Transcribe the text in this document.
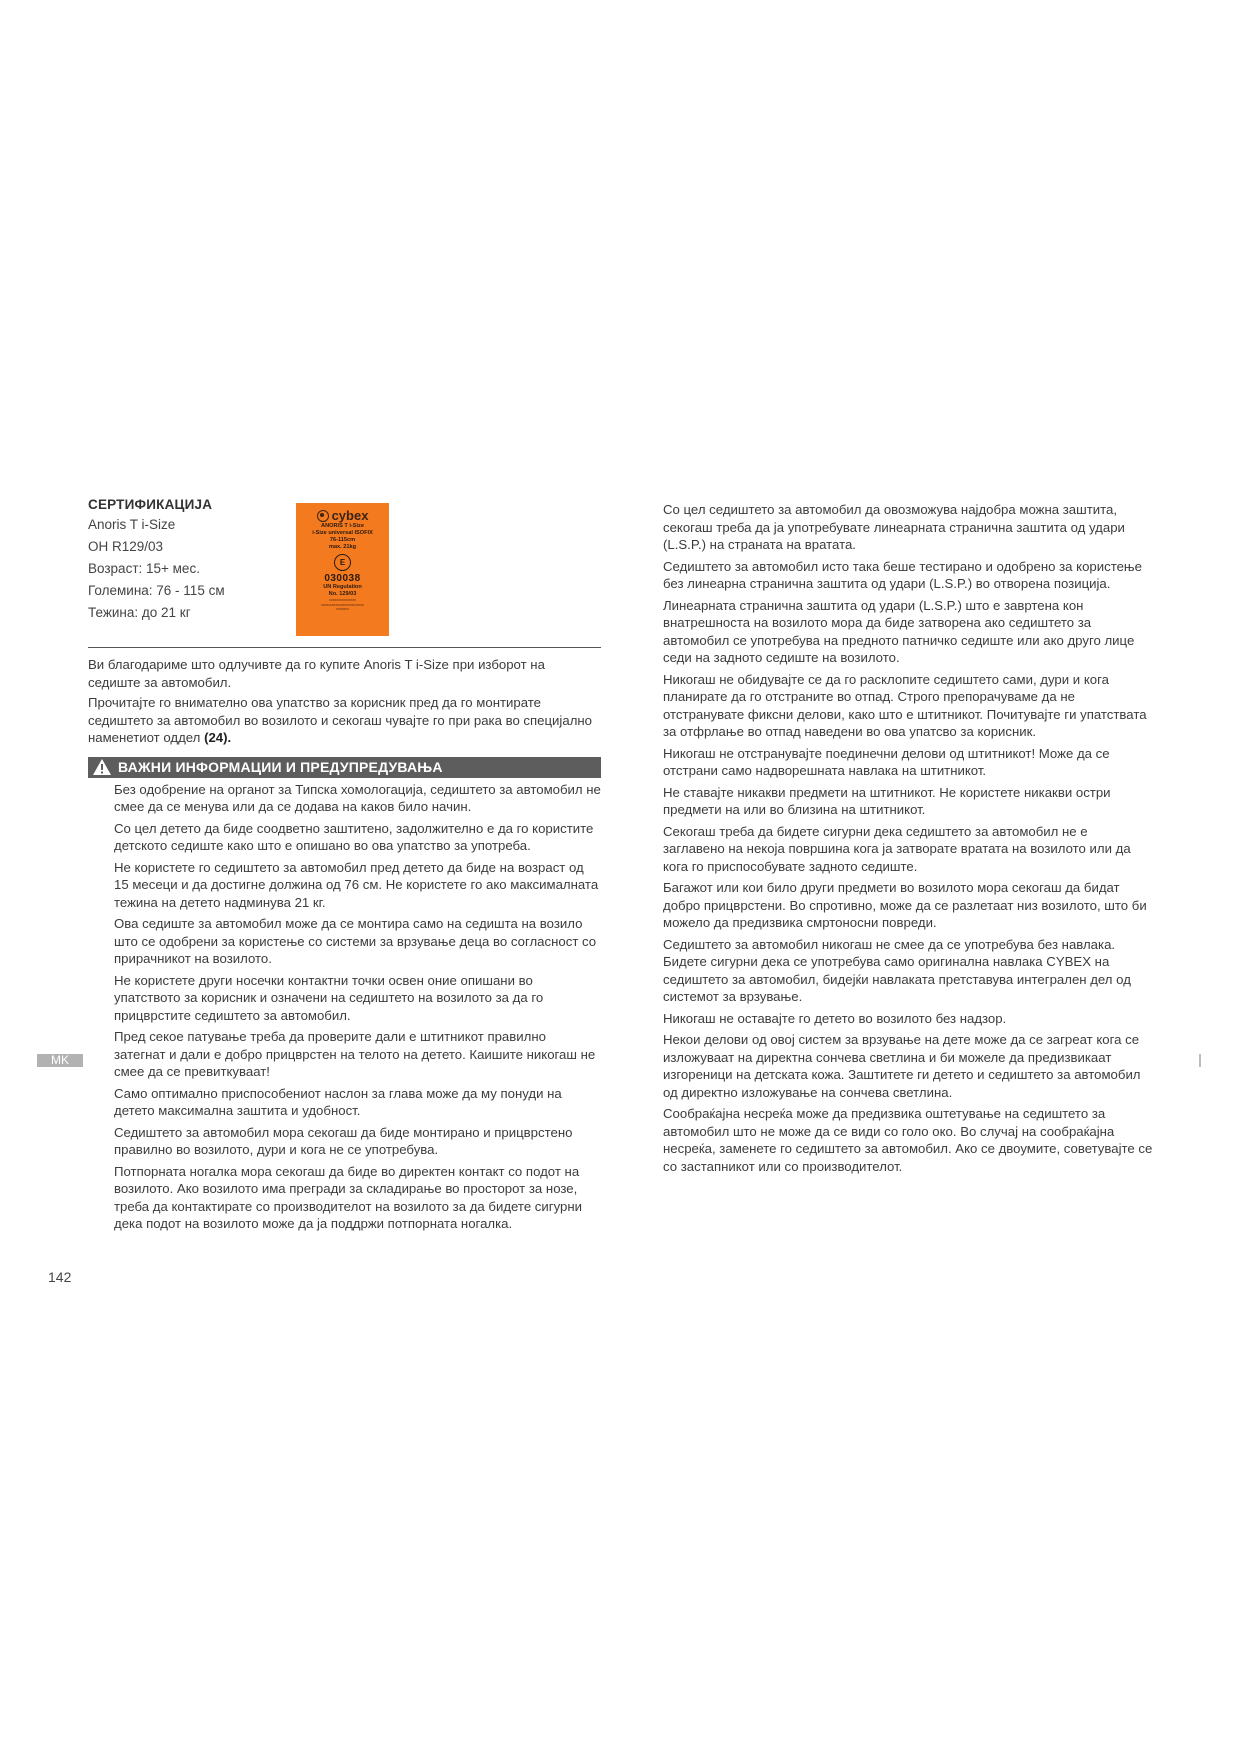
СЕРТИФИКАЦИЈА
Anoris T i-Size
OH R129/03
Возраст: 15+ мес.
Големина: 76 - 115 см
Тежина: до 21 кг
cybex
ANORIS T i-Size
i-Size universal ISOFIX
76-115cm
max. 21kg
E
030038
UN Regulation
No. 129/03
xxxxxxxxxxxxxxx
xxxxxxxxxxxxxxxxxxxxxxxx
xxxxxxx

Ви благодариме што одлучивте да го купите Anoris T i-Size при изборот на седиште за автомобил.

Прочитајте го внимателно ова упатство за корисник пред да го монтирате седиштето за автомобил во возилото и секогаш чувајте го при рака во специјално наменетиот оддел (24).

ВАЖНИ ИНФОРМАЦИИ И ПРЕДУПРЕДУВАЊА
Без одобрение на органот за Типска хомологација, седиштето за автомобил не смее да се менува или да се додава на каков било начин.
Со цел детето да биде соодветно заштитено, задолжително е да го користите детското седиште како што е опишано во ова упатство за употреба.
Не користете го седиштето за автомобил пред детето да биде на возраст од 15 месеци и да достигне должина од 76 см. Не користете го ако максималната тежина на детето надминува 21 кг.
Ова седиште за автомобил може да се монтира само на седишта на возило што се одобрени за користење со системи за врзување деца во согласност со прирачникот на возилото.
Не користете други носечки контактни точки освен оние опишани во упатството за корисник и означени на седиштето на возилото за да го прицврстите седиштето за автомобил.
Пред секое патување треба да проверите дали е штитникот правилно затегнат и дали е добро прицврстен на телото на детето. Каишите никогаш не смее да се превиткуваат!
Само оптимално приспособениот наслон за глава може да му понуди на детето максимална заштита и удобност.
Седиштето за автомобил мора секогаш да биде монтирано и прицврстено правилно во возилото, дури и кога не се употребува.
Потпорната ногалка мора секогаш да биде во директен контакт со подот на возилото. Ако возилото има прегради за складирање во просторот за нозе, треба да контактирате со производителот на возилото за да бидете сигурни дека подот на возилото може да ја поддржи потпорната ногалка.
Со цел седиштето за автомобил да овозможува најдобра можна заштита, секогаш треба да ја употребувате линеарната странична заштита од удари (L.S.P.) на страната на вратата.
Седиштето за автомобил исто така беше тестирано и одобрено за користење без линеарна странична заштита од удари (L.S.P.) во отворена позиција.
Линеарната странична заштита од удари (L.S.P.) што е завртена кон внатрешноста на возилото мора да биде затворена ако седиштето за автомобил се употребува на предното патничко седиште или ако друго лице седи на задното седиште на возилото.
Никогаш не обидувајте се да го расклопите седиштето сами, дури и кога планирате да го отстраните во отпад. Строго препорачуваме да не отстранувате фиксни делови, како што е штитникот. Почитувајте ги упатствата за отфрлање во отпад наведени во ова упатсво за корисник.
Никогаш не отстранувајте поединечни делови од штитникот! Може да се отстрани само надворешната навлака на штитникот.
Не ставајте никакви предмети на штитникот. Не користете никакви остри предмети на или во близина на штитникот.
Секогаш треба да бидете сигурни дека седиштето за автомобил не е заглавено на некоја површина кога ја затворате вратата на возилото или да кога го приспособувате задното седиште.
Багажот или кои било други предмети во возилото мора секогаш да бидат добро прицврстени. Во спротивно, може да се разлетаат низ возилото, што би можело да предизвика смртоносни повреди.
Седиштето за автомобил никогаш не смее да се употребува без навлака. Бидете сигурни дека се употребува само оригинална навлака CYBEX на седиштето за автомобил, бидејќи навлаката претставува интегрален дел од системот за врзување.
Никогаш не оставајте го детето во возилото без надзор.
Некои делови од овој систем за врзување на дете може да се загреат кога се изложуваат на директна сончева светлина и би можеле да предизвикаат изгореници на детската кожа. Заштитете ги детето и седиштето за автомобил од директно изложување на сончева светлина.
Сообраќајна несреќа може да предизвика оштетување на седиштето за автомобил што не може да се види со голо око. Во случај на сообраќајна несреќа, заменете го седиштето за автомобил. Ако се двоумите, советувајте се со застапникот или со производителот.
MK
142
